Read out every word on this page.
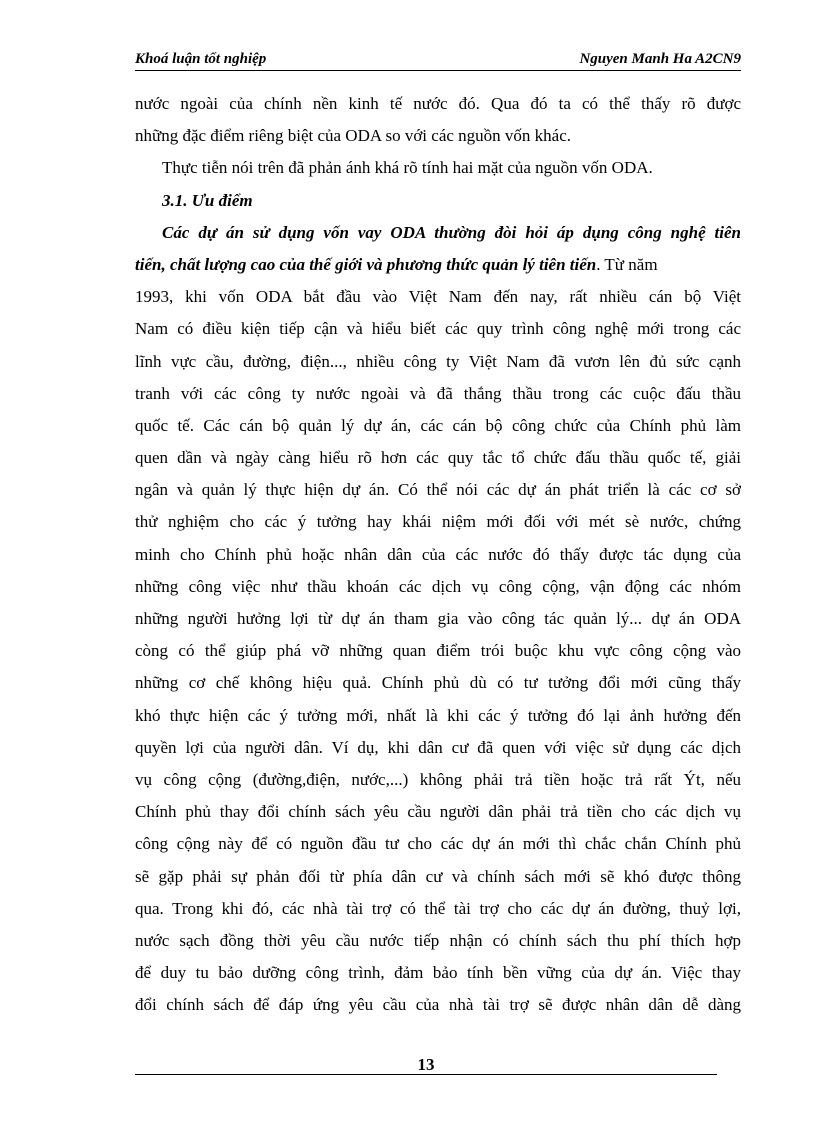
Khoá luận tốt nghiệp	Nguyen Manh Ha A2CN9
nước ngoài của chính nền kinh tế nước đó. Qua đó ta có thể thấy rõ được
những đặc điểm riêng biệt của ODA so với các nguồn vốn khác.
Thực tiễn nói trên đã phản ánh khá rõ tính hai mặt của nguồn vốn ODA.
3.1. Ưu điểm
Các dự án sử dụng vốn vay ODA thường đòi hỏi áp dụng công nghệ tiên
tiến, chất lượng cao của thế giới và phương thức quản lý tiên tiến. Từ năm
1993, khi vốn ODA bắt đầu vào Việt Nam đến nay, rất nhiều cán bộ Việt
Nam có điều kiện tiếp cận và hiểu biết các quy trình công nghệ mới trong các
lĩnh vực cầu, đường, điện..., nhiều công ty Việt Nam đã vươn lên đủ sức cạnh
tranh với các công ty nước ngoài và đã thắng thầu trong các cuộc đấu thầu
quốc tế. Các cán bộ quản lý dự án, các cán bộ công chức của Chính phủ làm
quen dần và ngày càng hiểu rõ hơn các quy tắc tổ chức đấu thầu quốc tế, giải
ngân và quản lý thực hiện dự án. Có thể nói các dự án phát triển là các cơ sở
thử nghiệm cho các ý tưởng hay khái niệm mới đối với mét sè nước, chứng
minh cho Chính phủ hoặc nhân dân của các nước đó thấy được tác dụng của
những công việc như thầu khoán các dịch vụ công cộng, vận động các nhóm
những người hưởng lợi từ dự án tham gia vào công tác quản lý... dự án ODA
còng có thể giúp phá vỡ những quan điểm trói buộc khu vực công cộng vào
những cơ chế không hiệu quả. Chính phủ dù có tư tưởng đổi mới cũng thấy
khó thực hiện các ý tưởng mới, nhất là khi các ý tưởng đó lại ảnh hưởng đến
quyền lợi của người dân. Ví dụ, khi dân cư đã quen với việc sử dụng các dịch
vụ công cộng (đường,điện, nước,...) không phải trả tiền hoặc trả rất Ýt, nếu
Chính phủ thay đổi chính sách yêu cầu người dân phải trả tiền cho các dịch vụ
công cộng này để có nguồn đầu tư cho các dự án mới thì chắc chắn Chính phủ
sẽ gặp phải sự phản đối từ phía dân cư và chính sách mới sẽ khó được thông
qua. Trong khi đó, các nhà tài trợ có thể tài trợ cho các dự án đường, thuỷ lợi,
nước sạch đồng thời yêu cầu nước tiếp nhận có chính sách thu phí thích hợp
để duy tu bảo dưỡng công trình, đảm bảo tính bền vững của dự án. Việc thay
đổi chính sách để đáp ứng yêu cầu của nhà tài trợ sẽ được nhân dân dễ dàng
13
